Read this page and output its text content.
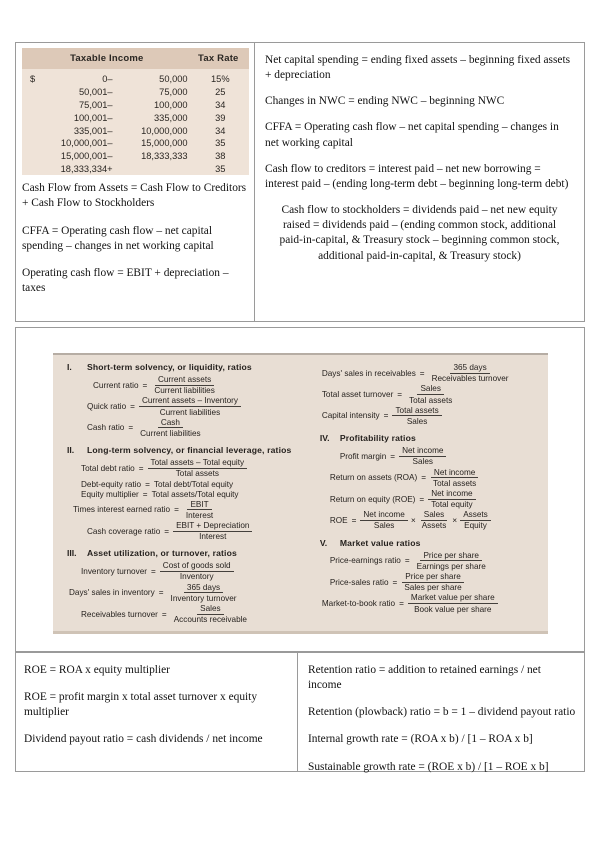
Taxable Income			Tax Rate

$	0–	50,000	15%
	50,001–	75,000	25
	75,001–	100,000	34
	100,001–	335,000	39
	335,001–	10,000,000	34
	10,000,001–	15,000,000	35
	15,000,001–	18,333,333	38
	18,333,334+		35

Cash Flow from Assets = Cash Flow to Creditors + Cash Flow to Stockholders

CFFA = Operating cash flow – net capital spending – changes in net working capital

Operating cash flow = EBIT + depreciation – taxes

Net capital spending = ending fixed assets – beginning fixed assets + depreciation

Changes in NWC = ending NWC – beginning NWC

CFFA = Operating cash flow – net capital spending – changes in net working capital

Cash flow to creditors = interest paid – net new borrowing = interest paid – (ending long-term debt – beginning long-term debt)

Cash flow to stockholders = dividends paid – net new equity raised = dividends paid – (ending common stock, additional paid-in-capital, & Treasury stock – beginning common stock, additional paid-in-capital, & Treasury stock)

I.	Short-term solvency, or liquidity, ratios
Current ratio = $\frac{\text{Current assets}}{\text{Current liabilities}}$
Quick ratio = $\frac{\text{Current assets – Inventory}}{\text{Current liabilities}}$
Cash ratio = $\frac{\text{Cash}}{\text{Current liabilities}}$
II.	Long-term solvency, or financial leverage, ratios
Total debt ratio = $\frac{\text{Total assets – Total equity}}{\text{Total assets}}$
Debt-equity ratio = Total debt/Total equity
Equity multiplier = Total assets/Total equity
Times interest earned ratio = $\frac{\text{EBIT}}{\text{Interest}}$
Cash coverage ratio = $\frac{\text{EBIT + Depreciation}}{\text{Interest}}$
III.	Asset utilization, or turnover, ratios
Inventory turnover = $\frac{\text{Cost of goods sold}}{\text{Inventory}}$
Days' sales in inventory = $\frac{\text{365 days}}{\text{Inventory turnover}}$
Receivables turnover = $\frac{\text{Sales}}{\text{Accounts receivable}}$
Days' sales in receivables = $\frac{\text{365 days}}{\text{Receivables turnover}}$
Total asset turnover = $\frac{\text{Sales}}{\text{Total assets}}$
Capital intensity = $\frac{\text{Total assets}}{\text{Sales}}$
IV.	Profitability ratios
Profit margin = $\frac{\text{Net income}}{\text{Sales}}$
Return on assets $(ROA) = \frac{\text{Net income}}{\text{Total assets}}$
Return on equity $(ROE) = \frac{\text{Net income}}{\text{Total equity}}$
ROE = $\frac{\text{Net income}}{\text{Sales}} \times \frac{\text{Sales}}{\text{Assets}} \times \frac{\text{Assets}}{\text{Equity}}$
V.	Market value ratios
Price-earnings ratio = $\frac{\text{Price per share}}{\text{Earnings per share}}$
Price-sales ratio = $\frac{\text{Price per share}}{\text{Sales per share}}$
Market-to-book ratio = $\frac{\text{Market value per share}}{\text{Book value per share}}$

ROE = ROA x equity multiplier

ROE = profit margin x total asset turnover x equity multiplier

Dividend payout ratio = cash dividends / net income

Retention ratio = addition to retained earnings / net income

Retention (plowback) ratio = b = 1 – dividend payout ratio

Internal growth rate = (ROA x b) / [1 – ROA x b]

Sustainable growth rate = (ROE x b) / [1 – ROE x b]
